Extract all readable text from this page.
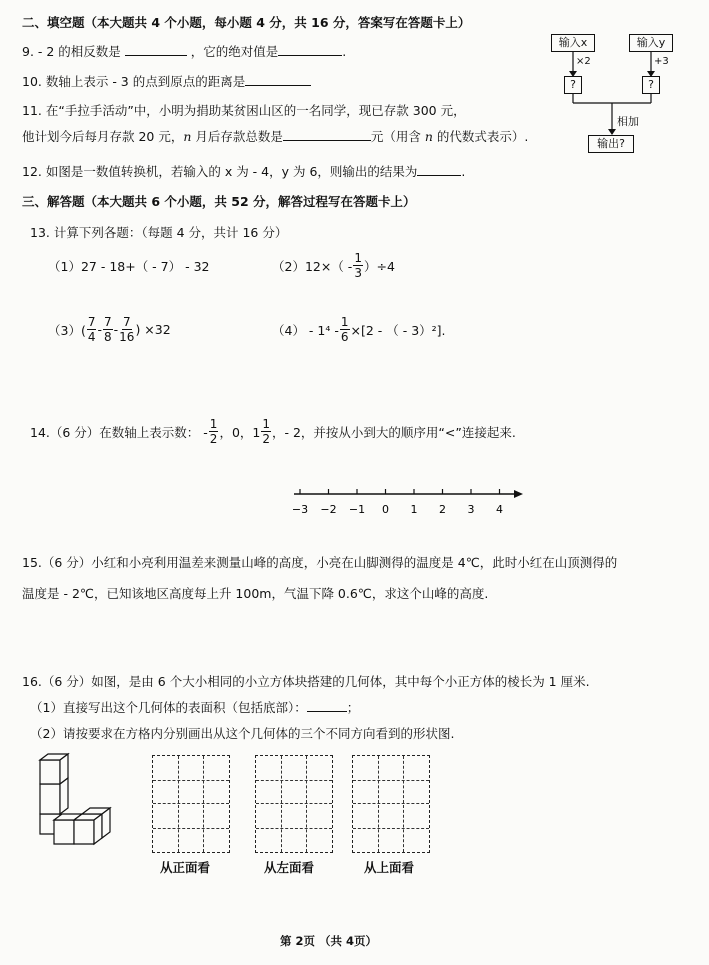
二、填空题（本大题共 4 个小题，每小题 4 分，共 16 分，答案写在答题卡上）
9. - 2 的相反数是	，它的绝对值是	.
10. 数轴上表示 - 3 的点到原点的距离是
11. 在“手拉手活动”中，小明为捐助某贫困山区的一名同学，现已存款 300 元，
他计划今后每月存款 20 元，n 月后存款总数是	元（用含 n 的代数式表示）.
12. 如图是一数值转换机，若输入的 x 为 - 4，y 为 6，则输出的结果为	.
输入x	输入y
×2	+3
?	?
相加
输出?
三、解答题（本大题共 6 个小题，共 52 分，解答过程写在答题卡上）
13. 计算下列各题：（每题 4 分，共计 16 分）
（1）27 - 18+（ - 7） - 32	$(2)12\times( - \frac{1}{3} )\div 4$
$(3)( \frac{7}{4} - \frac{7}{8} - \frac{7}{16}$ ) ×32	$(4) - 1^4 - \frac{1}{6} \times[2$ - （ - 3）²].
14.（6 分）在数轴上表示数： - $\frac{1}{2}$ ，0，$1 \frac{1}{2}$ ，- 2，并按从小到大的顺序用“<”连接起来.
−3 −2 −1 0 1 2 3 4
15.（6 分）小红和小亮利用温差来测量山峰的高度，小亮在山脚测得的温度是 4℃，此时小红在山顶测得的
温度是 - 2℃，已知该地区高度每上升 100m，气温下降 0.6℃，求这个山峰的高度.
16.（6 分）如图，是由 6 个大小相同的小立方体块搭建的几何体，其中每个小正方体的棱长为 1 厘米.
（1）直接写出这个几何体的表面积（包括底部）：	；
（2）请按要求在方格内分别画出从这个几何体的三个不同方向看到的形状图.
从正面看	从左面看	从上面看
第 2页 （共 4页）
